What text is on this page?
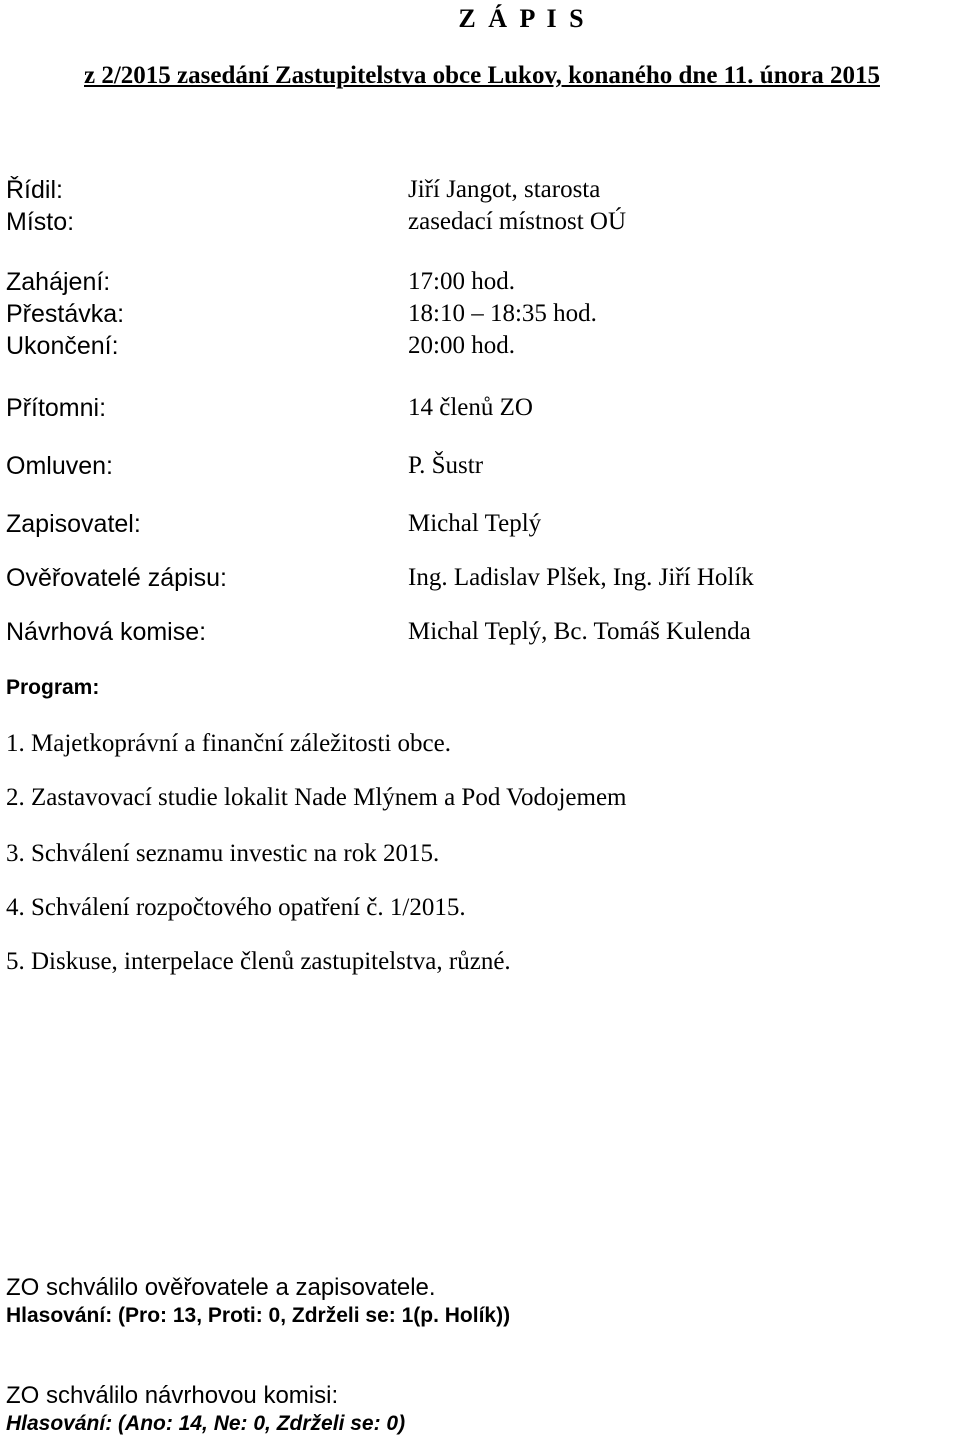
Z Á P I S
z 2/2015 zasedání Zastupitelstva obce Lukov, konaného dne 11. února 2015
Řídil:	Jiří Jangot, starosta
Místo:	zasedací místnost OÚ
Zahájení:	17:00 hod.
Přestávka:	18:10 – 18:35 hod.
Ukončení:	20:00 hod.
Přítomni:	14 členů ZO
Omluven:	P. Šustr
Zapisovatel:	Michal Teplý
Ověřovatelé zápisu:	Ing. Ladislav Plšek, Ing. Jiří Holík
Návrhová komise:	Michal Teplý, Bc. Tomáš Kulenda
Program:
1. Majetkoprávní a finanční záležitosti obce.
2. Zastavovací studie lokalit Nade Mlýnem a Pod Vodojemem
3. Schválení seznamu investic na rok 2015.
4. Schválení rozpočtového opatření č. 1/2015.
5. Diskuse, interpelace členů zastupitelstva, různé.
ZO schválilo ověřovatele a zapisovatele.
Hlasování: (Pro: 13, Proti: 0, Zdrželi se: 1(p. Holík))
ZO schválilo návrhovou komisi:
Hlasování: (Ano: 14, Ne: 0, Zdrželi se: 0)
